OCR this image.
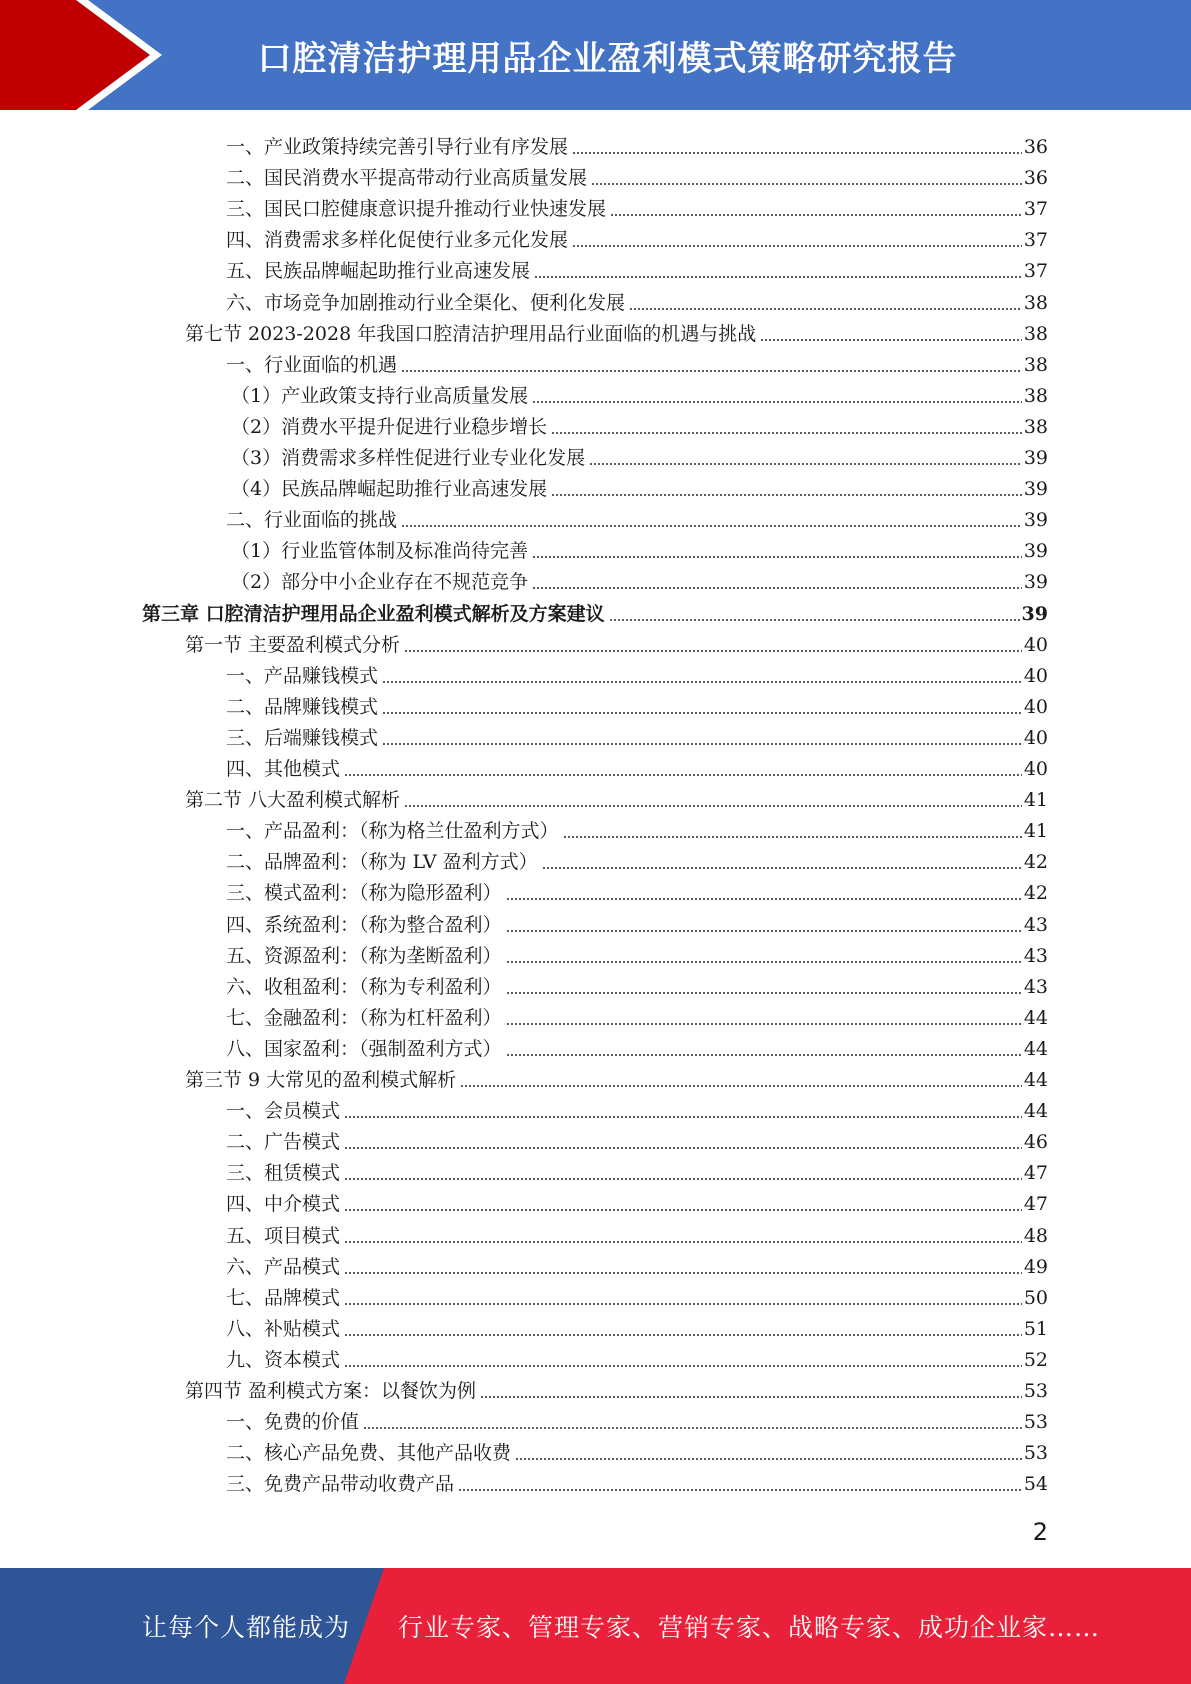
口腔清洁护理用品企业盈利模式策略研究报告
一、产业政策持续完善引导行业有序发展	36
二、国民消费水平提高带动行业高质量发展	36
三、国民口腔健康意识提升推动行业快速发展	37
四、消费需求多样化促使行业多元化发展	37
五、民族品牌崛起助推行业高速发展	37
六、市场竞争加剧推动行业全渠化、便利化发展	38
第七节 2023-2028 年我国口腔清洁护理用品行业面临的机遇与挑战	38
一、行业面临的机遇	38
（1）产业政策支持行业高质量发展	38
（2）消费水平提升促进行业稳步增长	38
（3）消费需求多样性促进行业专业化发展	39
（4）民族品牌崛起助推行业高速发展	39
二、行业面临的挑战	39
（1）行业监管体制及标准尚待完善	39
（2）部分中小企业存在不规范竞争	39
第三章 口腔清洁护理用品企业盈利模式解析及方案建议	39
第一节 主要盈利模式分析	40
一、产品赚钱模式	40
二、品牌赚钱模式	40
三、后端赚钱模式	40
四、其他模式	40
第二节 八大盈利模式解析	41
一、产品盈利：（称为格兰仕盈利方式）	41
二、品牌盈利：（称为 LV 盈利方式）	42
三、模式盈利：（称为隐形盈利）	42
四、系统盈利：（称为整合盈利）	43
五、资源盈利：（称为垄断盈利）	43
六、收租盈利：（称为专利盈利）	43
七、金融盈利：（称为杠杆盈利）	44
八、国家盈利：（强制盈利方式）	44
第三节 9 大常见的盈利模式解析	44
一、会员模式	44
二、广告模式	46
三、租赁模式	47
四、中介模式	47
五、项目模式	48
六、产品模式	49
七、品牌模式	50
八、补贴模式	51
九、资本模式	52
第四节 盈利模式方案：以餐饮为例	53
一、免费的价值	53
二、核心产品免费、其他产品收费	53
三、免费产品带动收费产品	54
2
让每个人都能成为 行业专家、管理专家、营销专家、战略专家、成功企业家……
